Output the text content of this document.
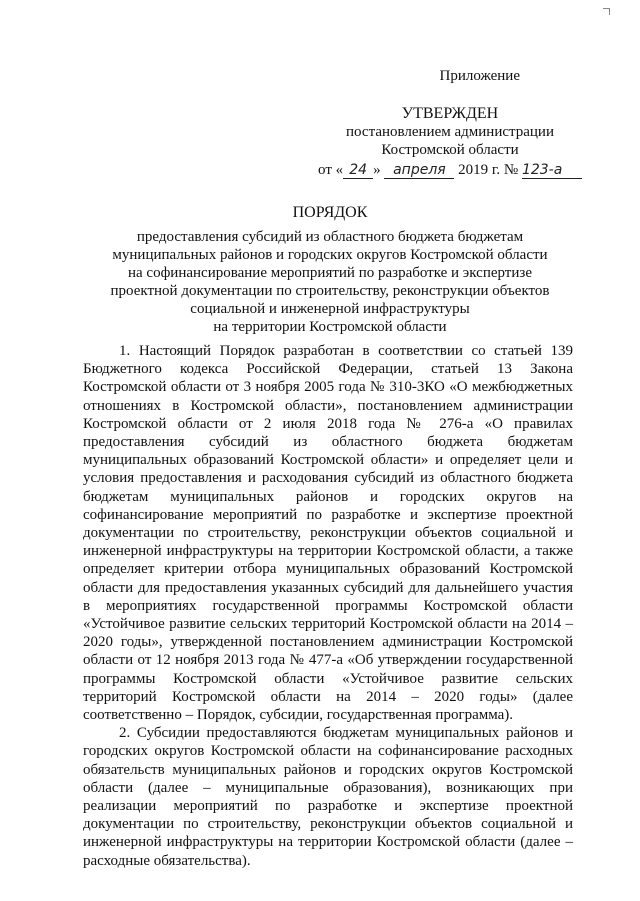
Приложение
УТВЕРЖДЕН
постановлением администрации
Костромской области
от « 24 » апреля 2019 г. № 123-а
ПОРЯДОК
предоставления субсидий из областного бюджета бюджетам
муниципальных районов и городских округов Костромской области
на софинансирование мероприятий по разработке и экспертизе
проектной документации по строительству, реконструкции объектов
социальной и инженерной инфраструктуры
на территории Костромской области

1. Настоящий Порядок разработан в соответствии со статьей 139 Бюджетного кодекса Российской Федерации, статьей 13 Закона Костромской области от 3 ноября 2005 года № 310-3КО «О межбюджетных отношениях в Костромской области», постановлением администрации Костромской области от 2 июля 2018 года № 276-а «О правилах предоставления субсидий из областного бюджета бюджетам муниципальных образований Костромской области» и определяет цели и условия предоставления и расходования субсидий из областного бюджета бюджетам муниципальных районов и городских округов на софинансирование мероприятий по разработке и экспертизе проектной документации по строительству, реконструкции объектов социальной и инженерной инфраструктуры на территории Костромской области, а также определяет критерии отбора муниципальных образований Костромской области для предоставления указанных субсидий для дальнейшего участия в мероприятиях государственной программы Костромской области «Устойчивое развитие сельских территорий Костромской области на 2014 – 2020 годы», утвержденной постановлением администрации Костромской области от 12 ноября 2013 года № 477-а «Об утверждении государственной программы Костромской области «Устойчивое развитие сельских территорий Костромской области на 2014 – 2020 годы» (далее соответственно – Порядок, субсидии, государственная программа).

2. Субсидии предоставляются бюджетам муниципальных районов и городских округов Костромской области на софинансирование расходных обязательств муниципальных районов и городских округов Костромской области (далее – муниципальные образования), возникающих при реализации мероприятий по разработке и экспертизе проектной документации по строительству, реконструкции объектов социальной и инженерной инфраструктуры на территории Костромской области (далее – расходные обязательства).
